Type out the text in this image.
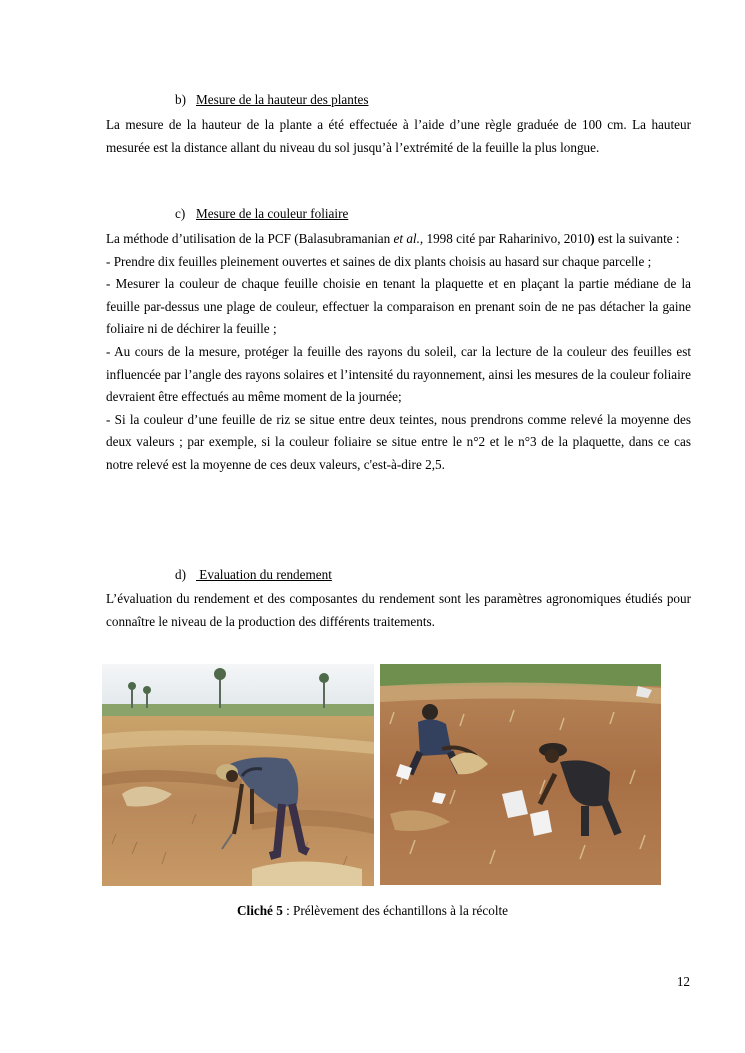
b) Mesure de la hauteur des plantes

La mesure de la hauteur de la plante a été effectuée à l’aide d’une règle graduée de 100 cm. La hauteur mesurée est la distance allant du niveau du sol jusqu’à l’extrémité de la feuille la plus longue.

c) Mesure de la couleur foliaire

La méthode d’utilisation de la PCF (Balasubramanian et al., 1998 cité par Raharinivo, 2010) est la suivante :

- Prendre dix feuilles pleinement ouvertes et saines de dix plants choisis au hasard sur chaque parcelle ;

- Mesurer la couleur de chaque feuille choisie en tenant la plaquette et en plaçant la partie médiane de la feuille par-dessus une plage de couleur, effectuer la comparaison en prenant soin de ne pas détacher la gaine foliaire ni de déchirer la feuille ;

- Au cours de la mesure, protéger la feuille des rayons du soleil, car la lecture de la couleur des feuilles est influencée par l’angle des rayons solaires et l’intensité du rayonnement, ainsi les mesures de la couleur foliaire devraient être effectués au même moment de la journée;

- Si la couleur d’une feuille de riz se situe entre deux teintes, nous prendrons comme relevé la moyenne des deux valeurs ; par exemple, si la couleur foliaire se situe entre le n°2 et le n°3 de la plaquette, dans ce cas notre relevé est la moyenne de ces deux valeurs, c'est-à-dire 2,5.

d) Evaluation du rendement

L’évaluation du rendement et des composantes du rendement sont les paramètres agronomiques étudiés pour connaître le niveau de la production des différents traitements.

Cliché 5 : Prélèvement des échantillons à la récolte
12
